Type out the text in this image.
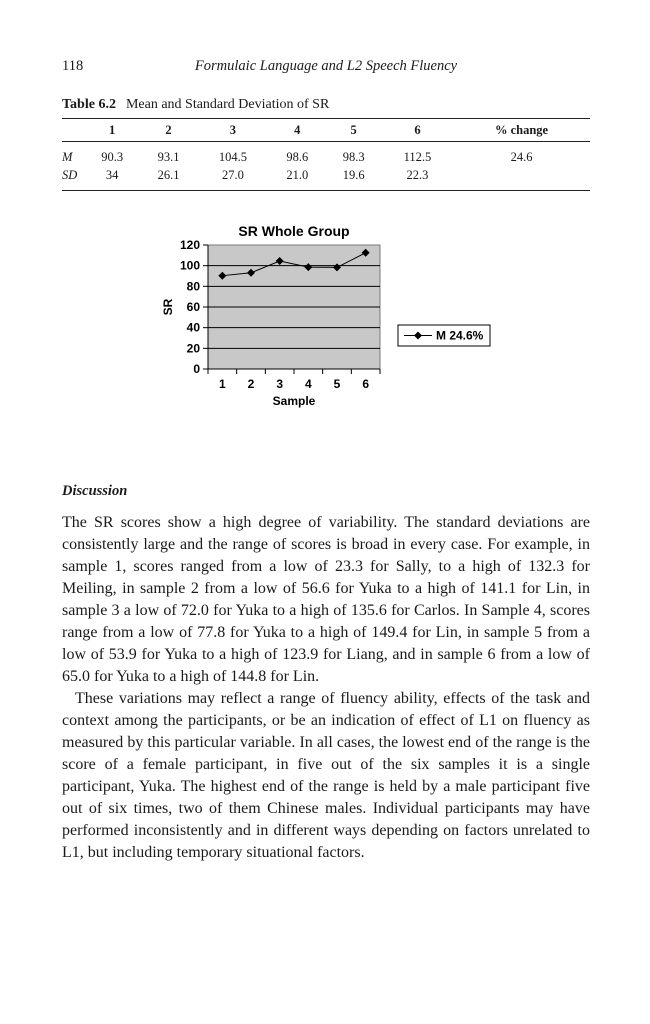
118	Formulaic Language and L2 Speech Fluency
Table 6.2 Mean and Standard Deviation of SR
	1	2	3	4	5	6	% change
M	90.3	93.1	104.5	98.6	98.3	112.5	24.6
SD	34	26.1	27.0	21.0	19.6	22.3	
0
20
40
60
80
100
120
1 2 3 4 5 6
SR Whole Group
Sample
SR
M 24.6%
Discussion

The SR scores show a high degree of variability. The standard deviations are consistently large and the range of scores is broad in every case. For example, in sample 1, scores ranged from a low of 23.3 for Sally, to a high of 132.3 for Meiling, in sample 2 from a low of 56.6 for Yuka to a high of 141.1 for Lin, in sample 3 a low of 72.0 for Yuka to a high of 135.6 for Carlos. In Sample 4, scores range from a low of 77.8 for Yuka to a high of 149.4 for Lin, in sample 5 from a low of 53.9 for Yuka to a high of 123.9 for Liang, and in sample 6 from a low of 65.0 for Yuka to a high of 144.8 for Lin.

These variations may reflect a range of fluency ability, effects of the task and context among the participants, or be an indication of effect of L1 on fluency as measured by this particular variable. In all cases, the lowest end of the range is the score of a female participant, in five out of the six samples it is a single participant, Yuka. The highest end of the range is held by a male participant five out of six times, two of them Chinese males. Individual participants may have performed inconsistently and in different ways depending on factors unrelated to L1, but including temporary situational factors.
